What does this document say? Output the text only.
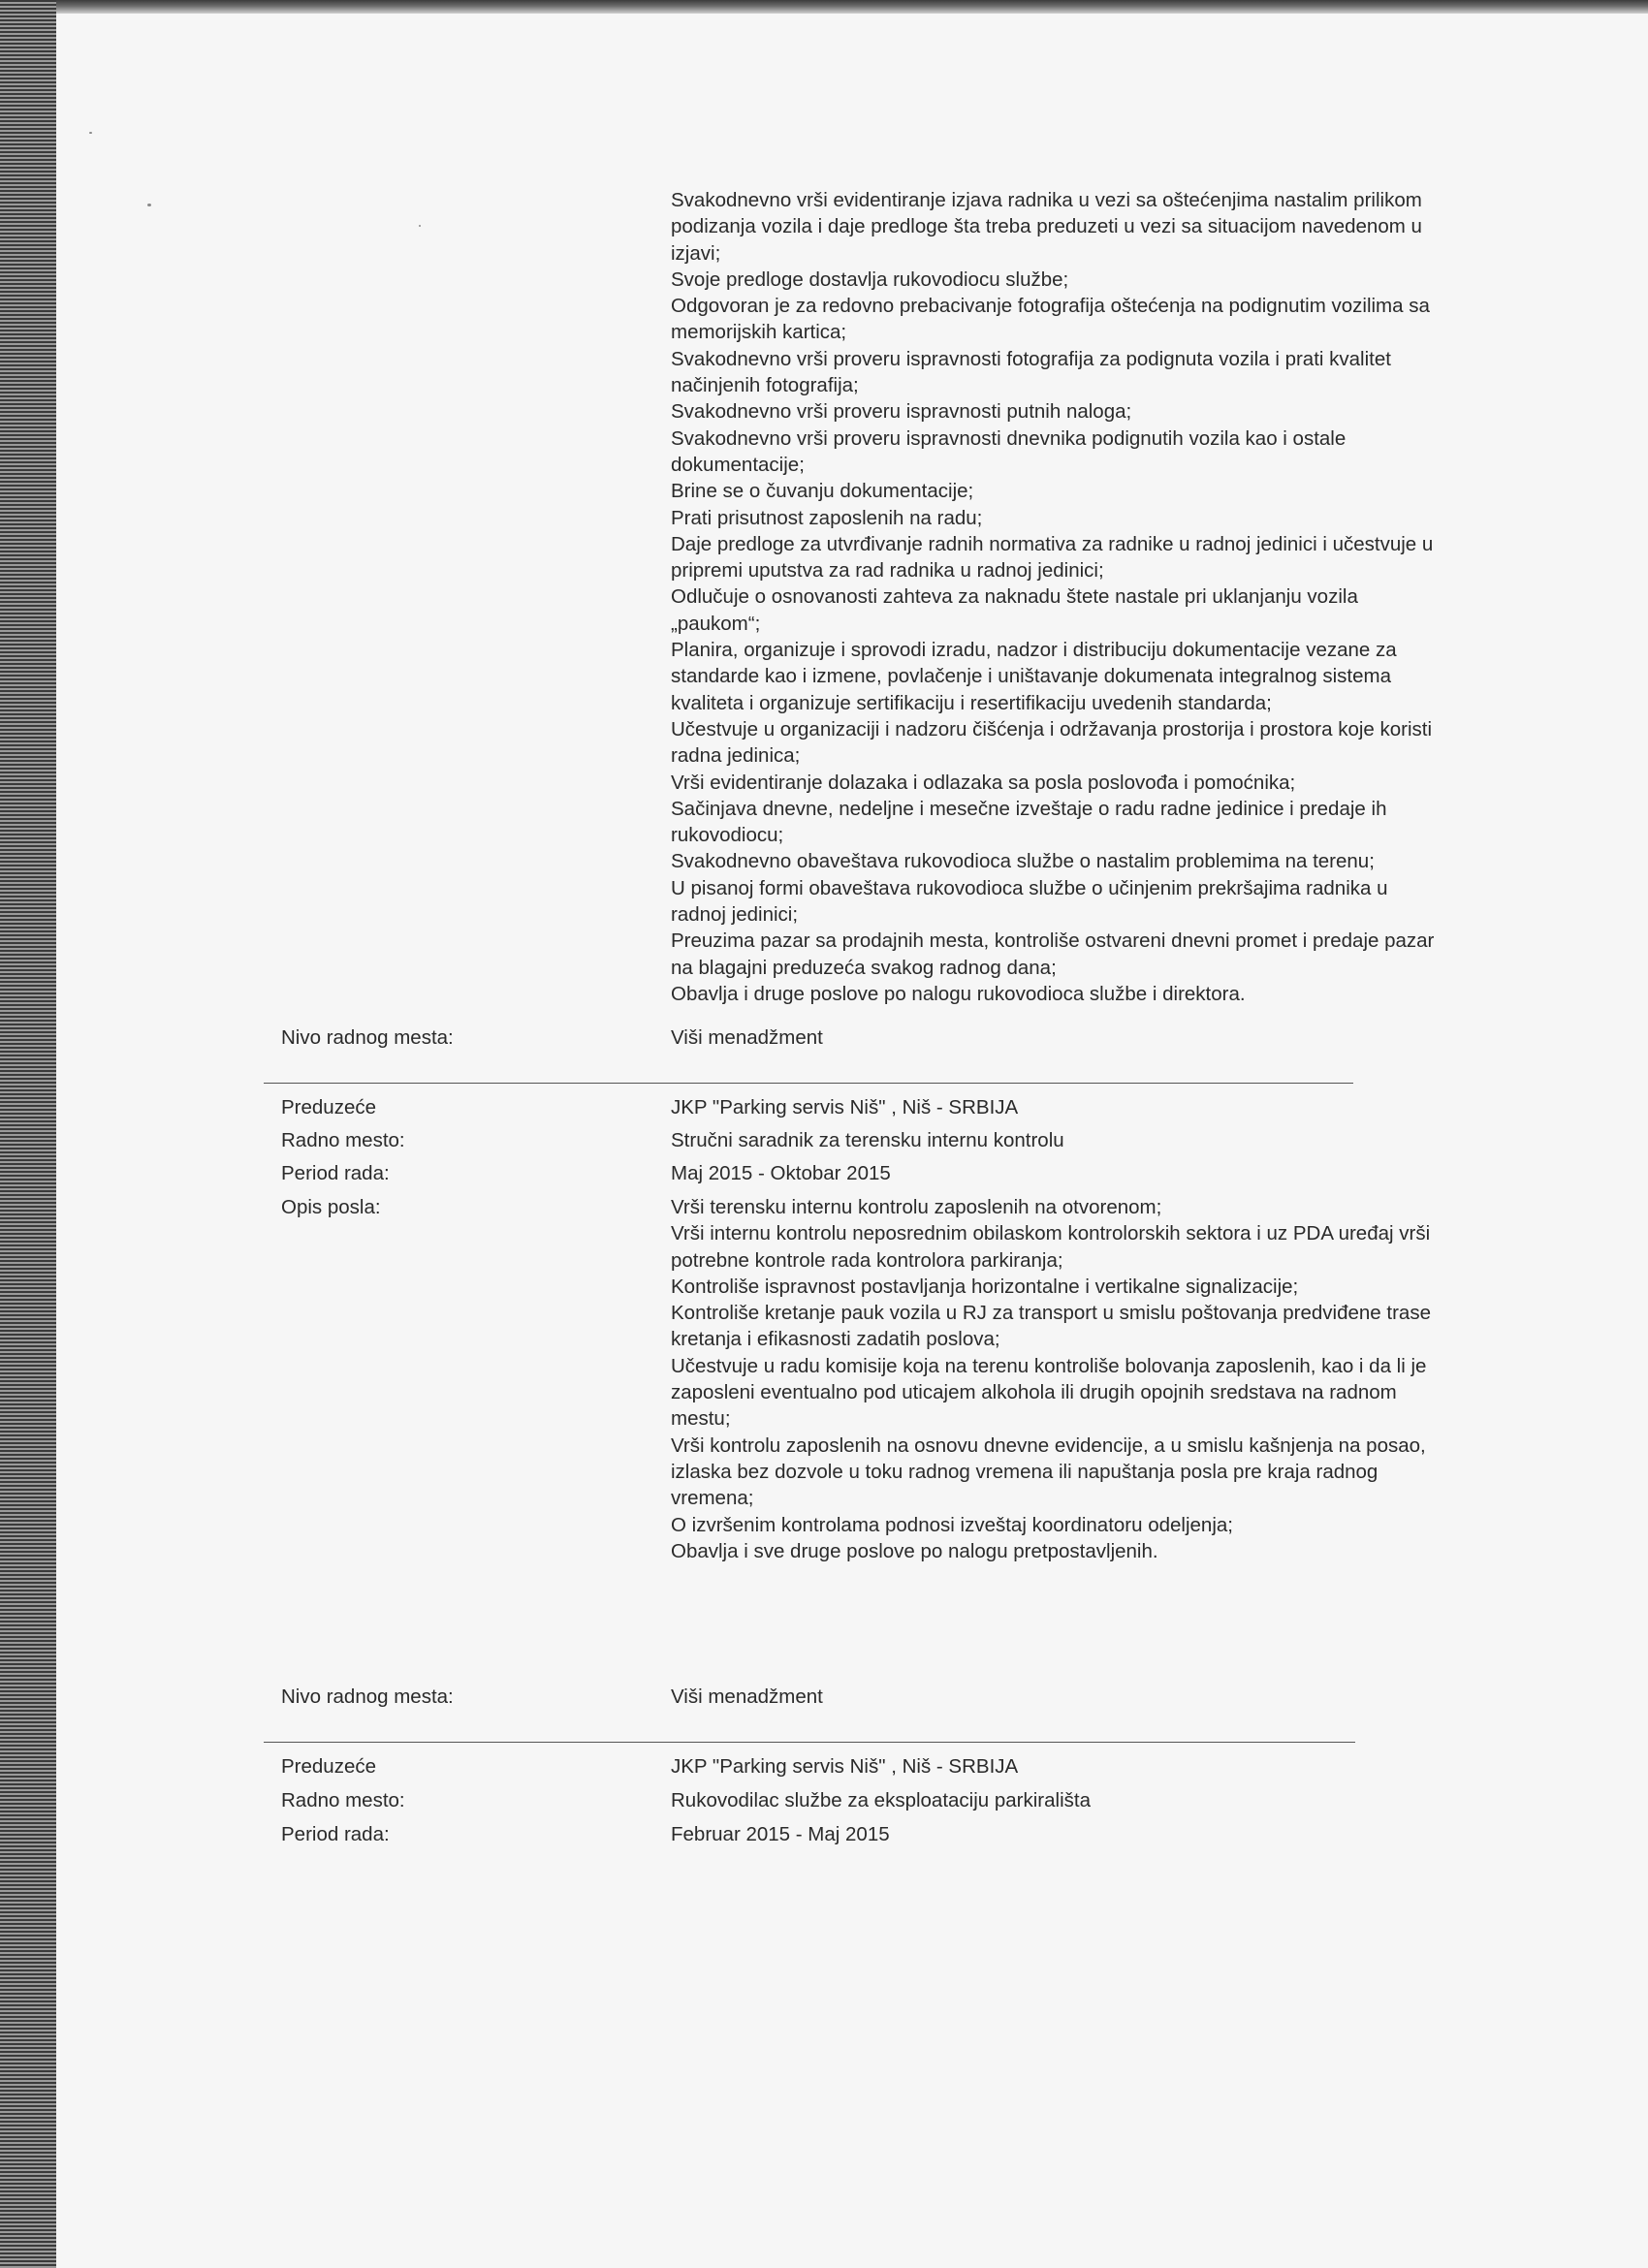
Svakodnevno vrši evidentiranje izjava radnika u vezi sa oštećenjima nastalim prilikom
podizanja vozila i daje predloge šta treba preduzeti u vezi sa situacijom navedenom u
izjavi;
Svoje predloge dostavlja rukovodiocu službe;
Odgovoran je za redovno prebacivanje fotografija oštećenja na podignutim vozilima sa
memorijskih kartica;
Svakodnevno vrši proveru ispravnosti fotografija za podignuta vozila i prati kvalitet
načinjenih fotografija;
Svakodnevno vrši proveru ispravnosti putnih naloga;
Svakodnevno vrši proveru ispravnosti dnevnika podignutih vozila kao i ostale
dokumentacije;
Brine se o čuvanju dokumentacije;
Prati prisutnost zaposlenih na radu;
Daje predloge za utvrđivanje radnih normativa za radnike u radnoj jedinici i učestvuje u
pripremi uputstva za rad radnika u radnoj jedinici;
Odlučuje o osnovanosti zahteva za naknadu štete nastale pri uklanjanju vozila
„paukom“;
Planira, organizuje i sprovodi izradu, nadzor i distribuciju dokumentacije vezane za
standarde kao i izmene, povlačenje i uništavanje dokumenata integralnog sistema
kvaliteta i organizuje sertifikaciju i resertifikaciju uvedenih standarda;
Učestvuje u organizaciji i nadzoru čišćenja i održavanja prostorija i prostora koje koristi
radna jedinica;
Vrši evidentiranje dolazaka i odlazaka sa posla poslovođa i pomoćnika;
Sačinjava dnevne, nedeljne i mesečne izveštaje o radu radne jedinice i predaje ih
rukovodiocu;
Svakodnevno obaveštava rukovodioca službe o nastalim problemima na terenu;
U pisanoj formi obaveštava rukovodioca službe o učinjenim prekršajima radnika u
radnoj jedinici;
Preuzima pazar sa prodajnih mesta, kontroliše ostvareni dnevni promet i predaje pazar
na blagajni preduzeća svakog radnog dana;
Obavlja i druge poslove po nalogu rukovodioca službe i direktora.
Nivo radnog mesta:	Viši menadžment
Preduzeće	JKP "Parking servis Niš" , Niš - SRBIJA
Radno mesto:	Stručni saradnik za terensku internu kontrolu
Period rada:	Maj 2015 - Oktobar 2015
Opis posla:	Vrši terensku internu kontrolu zaposlenih na otvorenom;
Vrši internu kontrolu neposrednim obilaskom kontrolorskih sektora i uz PDA uređaj vrši
potrebne kontrole rada kontrolora parkiranja;
Kontroliše ispravnost postavljanja horizontalne i vertikalne signalizacije;
Kontroliše kretanje pauk vozila u RJ za transport u smislu poštovanja predviđene trase
kretanja i efikasnosti zadatih poslova;
Učestvuje u radu komisije koja na terenu kontroliše bolovanja zaposlenih, kao i da li je
zaposleni eventualno pod uticajem alkohola ili drugih opojnih sredstava na radnom
mestu;
Vrši kontrolu zaposlenih na osnovu dnevne evidencije, a u smislu kašnjenja na posao,
izlaska bez dozvole u toku radnog vremena ili napuštanja posla pre kraja radnog
vremena;
O izvršenim kontrolama podnosi izveštaj koordinatoru odeljenja;
Obavlja i sve druge poslove po nalogu pretpostavljenih.
Nivo radnog mesta:	Viši menadžment
Preduzeće	JKP "Parking servis Niš" , Niš - SRBIJA
Radno mesto:	Rukovodilac službe za eksploataciju parkirališta
Period rada:	Februar 2015 - Maj 2015
